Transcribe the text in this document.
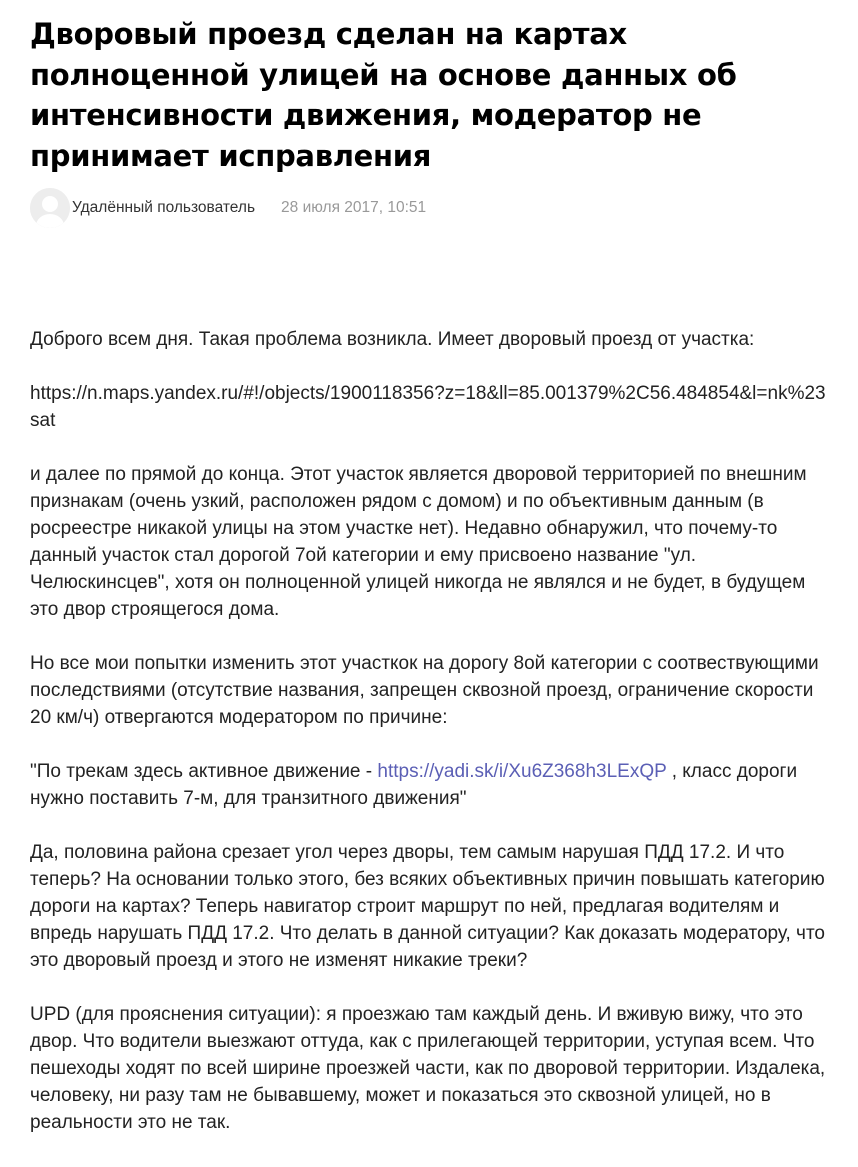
Дворовый проезд сделан на картах полноценной улицей на основе данных об интенсивности движения, модератор не принимает исправления
Удалённый пользователь 28 июля 2017, 10:51

Доброго всем дня. Такая проблема возникла. Имеет дворовый проезд от участка:

https://n.maps.yandex.ru/#!/objects/1900118356?z=18&ll=85.001379%2C56.484854&l=nk%23sat

и далее по прямой до конца. Этот участок является дворовой территорией по внешним признакам (очень узкий, расположен рядом с домом) и по объективным данным (в росреестре никакой улицы на этом участке нет). Недавно обнаружил, что почему-то данный участок стал дорогой 7ой категории и ему присвоено название "ул. Челюскинсцев", хотя он полноценной улицей никогда не являлся и не будет, в будущем это двор строящегося дома.

Но все мои попытки изменить этот участкок на дорогу 8ой категории с соотвествующими последствиями (отсутствие названия, запрещен сквозной проезд, ограничение скорости 20 км/ч) отвергаются модератором по причине:

"По трекам здесь активное движение - https://yadi.sk/i/Xu6Z368h3LExQP , класс дороги нужно поставить 7-м, для транзитного движения"

Да, половина района срезает угол через дворы, тем самым нарушая ПДД 17.2. И что теперь? На основании только этого, без всяких объективных причин повышать категорию дороги на картах? Теперь навигатор строит маршрут по ней, предлагая водителям и впредь нарушать ПДД 17.2. Что делать в данной ситуации? Как доказать модератору, что это дворовый проезд и этого не изменят никакие треки?

UPD (для прояснения ситуации): я проезжаю там каждый день. И вживую вижу, что это двор. Что водители выезжают оттуда, как с прилегающей территории, уступая всем. Что пешеходы ходят по всей ширине проезжей части, как по дворовой территории. Издалека, человеку, ни разу там не бывавшему, может и показаться это сквозной улицей, но в реальности это не так.
